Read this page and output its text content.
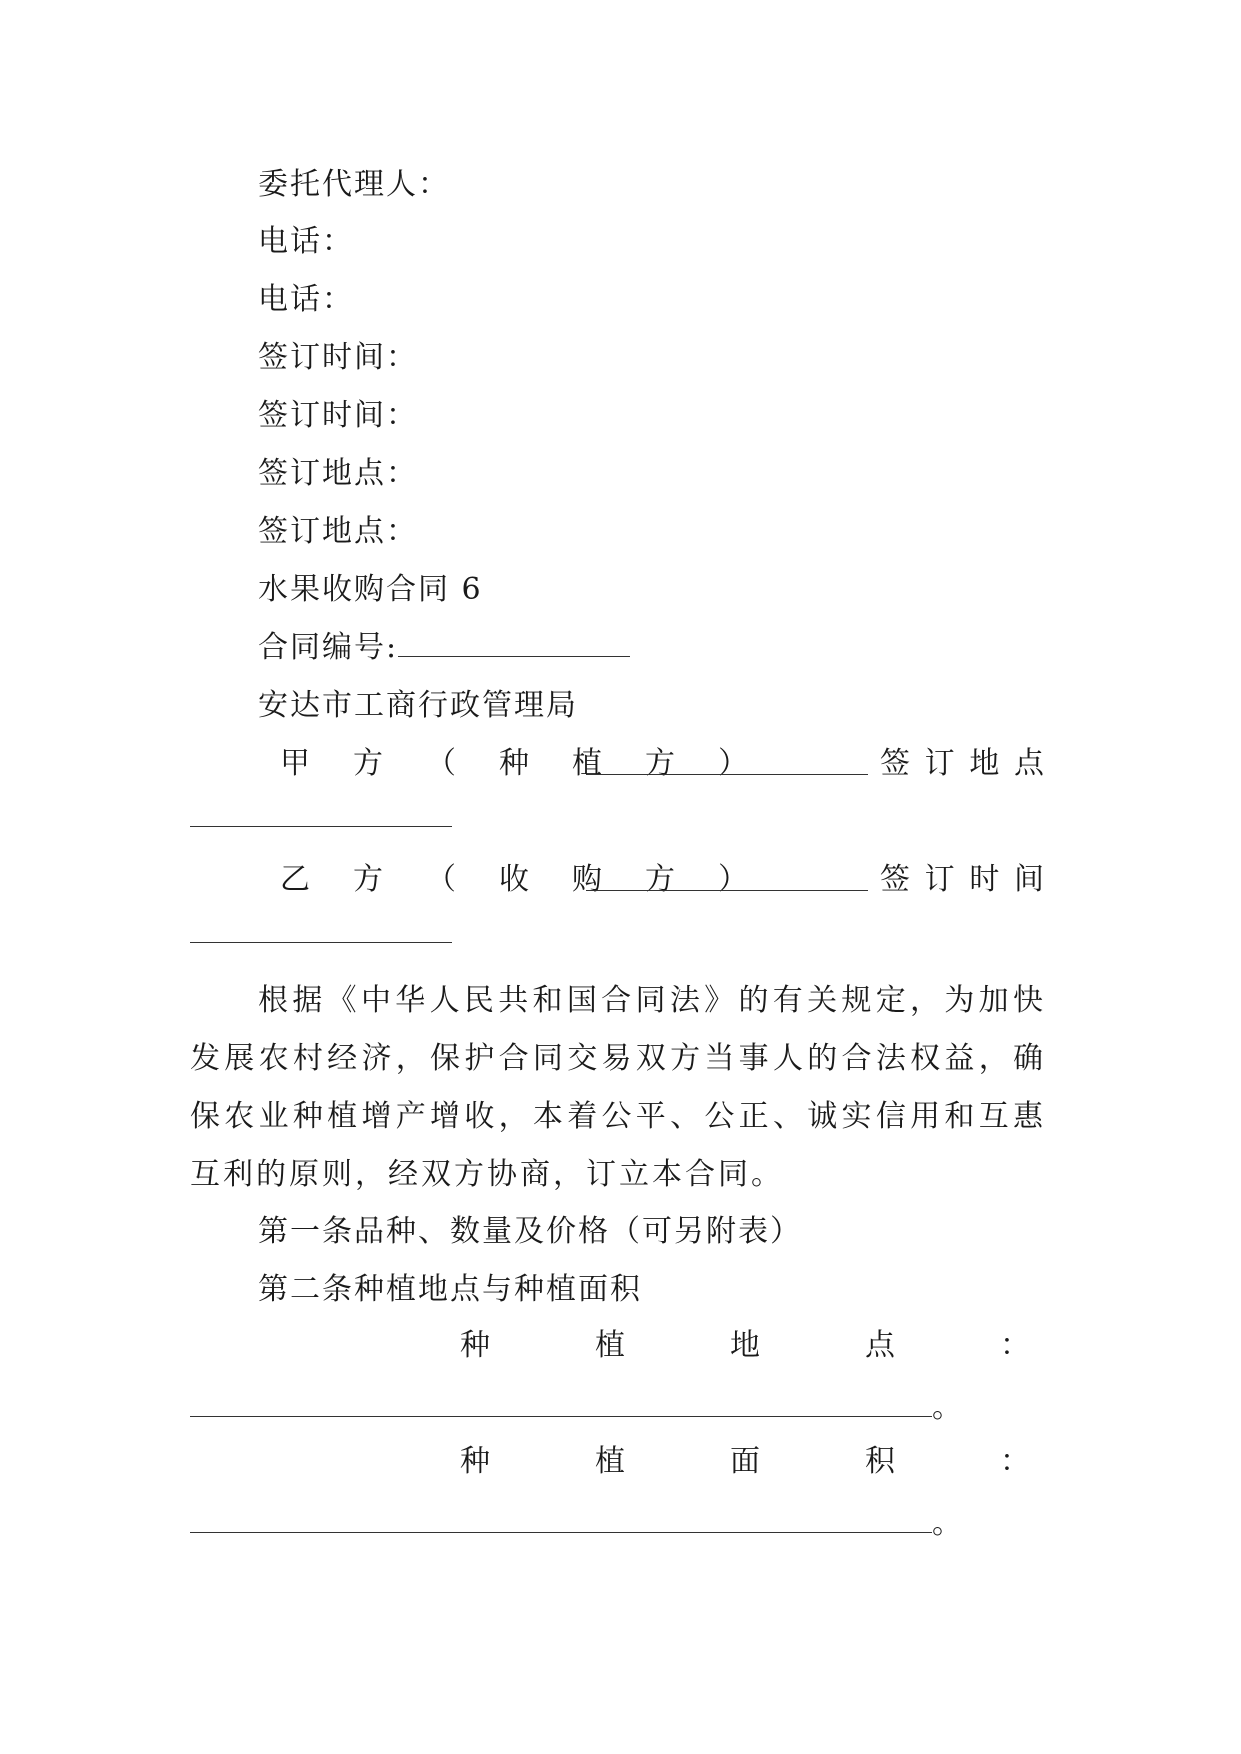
委托代理人：
电话：
电话：
签订时间：
签订时间：
签订地点：
签订地点：
水果收购合同 6
合同编号:
安达市工商行政管理局
甲 方 （ 种 植 方 ）	签 订 地 点
乙 方 （ 收 购 方 ）	签 订 时 间
根据《中华人民共和国合同法》的有关规定，为加快发展农村经济，保护合同交易双方当事人的合法权益，确保农业种植增产增收，本着公平、公正、诚实信用和互惠互利的原则，经双方协商，订立本合同。
第一条品种、数量及价格（可另附表）
第二条种植地点与种植面积
种	植	地	点	：
。
种	植	面	积	：
。
